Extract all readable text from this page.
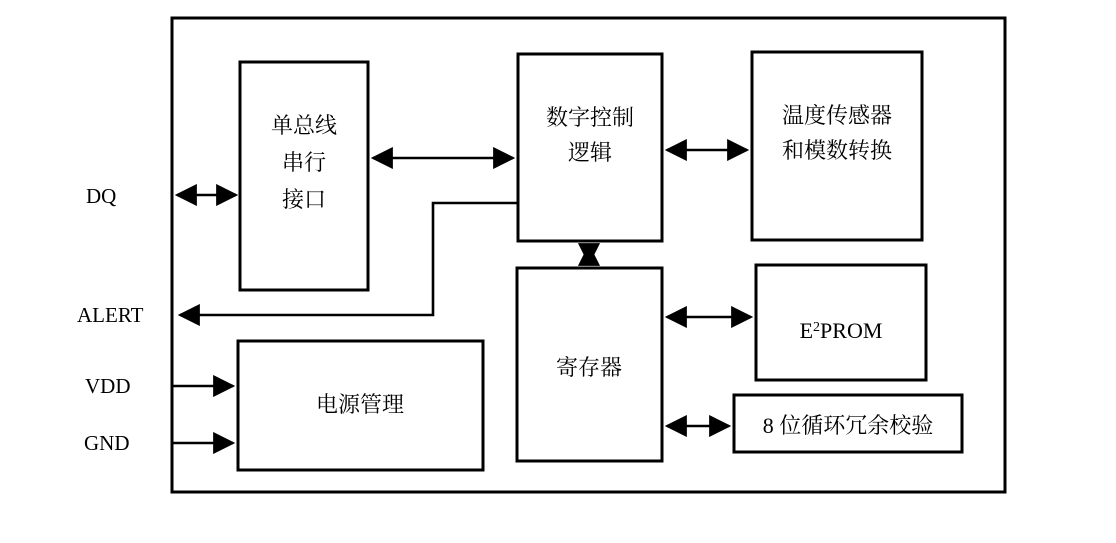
单总线
串行
接口
数字控制
逻辑
温度传感器
和模数转换
寄存器
$E^2PROM$
8 位循环冗余校验
电源管理
DQ
ALERT
VDD
GND
